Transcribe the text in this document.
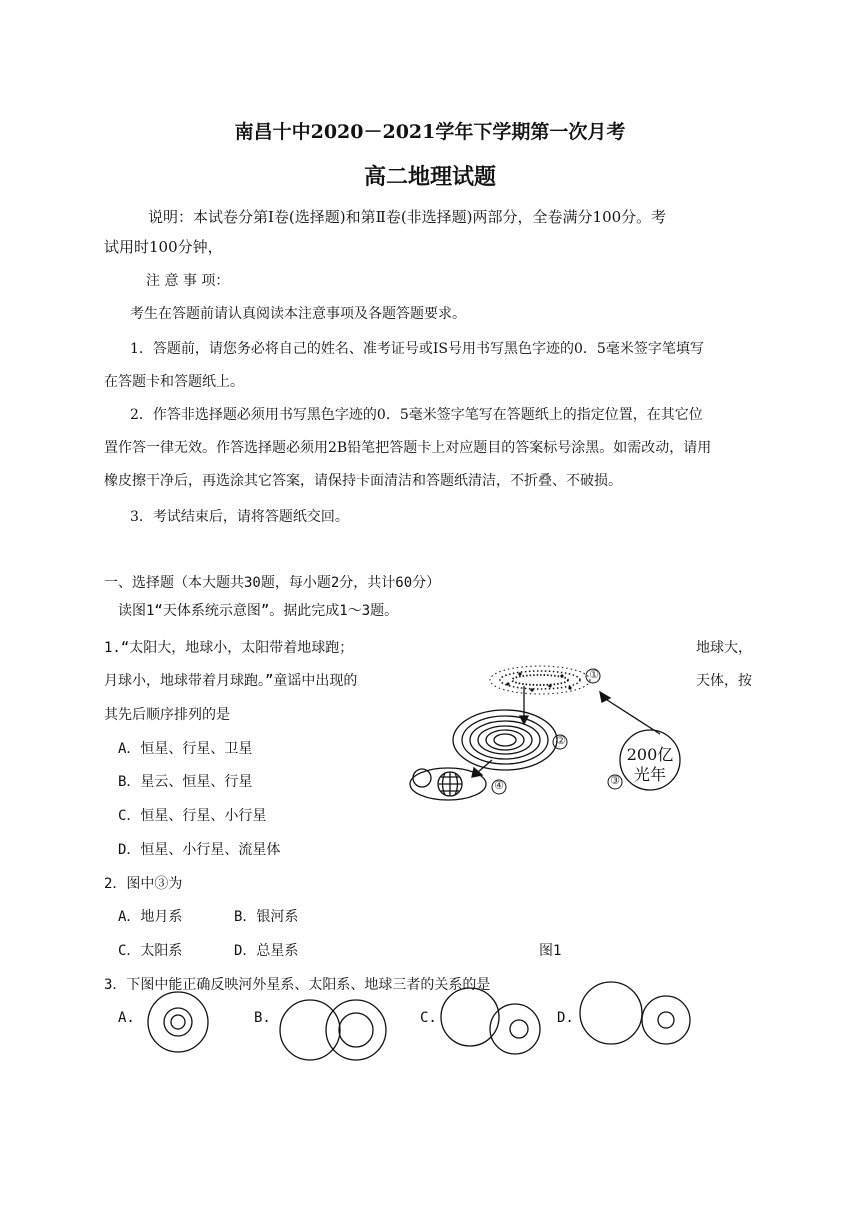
南昌十中2020－2021学年下学期第一次月考
高二地理试题
说明：本试卷分第Ⅰ卷(选择题)和第Ⅱ卷(非选择题)两部分，全卷满分100分。考
试用时100分钟，
注 意 事 项：
考生在答题前请认真阅读本注意事项及各题答题要求。
1．答题前，请您务必将自己的姓名、准考证号或IS号用书写黑色字迹的0．5毫米签字笔填写
在答题卡和答题纸上。
2．作答非选择题必须用书写黑色字迹的0．5毫米签字笔写在答题纸上的指定位置，在其它位
置作答一律无效。作答选择题必须用2B铅笔把答题卡上对应题目的答案标号涂黑。如需改动，请用
橡皮擦干净后，再选涂其它答案，请保持卡面清洁和答题纸清洁，不折叠、不破损。
3．考试结束后，请将答题纸交回。
一、选择题（本大题共30题，每小题2分，共计60分）
读图1“天体系统示意图”。据此完成1～3题。
1.“太阳大，地球小，太阳带着地球跑；	地球大，
月球小，地球带着月球跑。”童谣中出现的	天体，按
其先后顺序排列的是
A．恒星、行星、卫星
B．星云、恒星、行星
C．恒星、行星、小行星
D．恒星、小行星、流星体
①
②
③
④
200亿
光年
2．图中③为
A．地月系	B．银河系
C．太阳系	D．总星系	图1
3．下图中能正确反映河外星系、太阳系、地球三者的关系的是
A.	B.	C.	D.
